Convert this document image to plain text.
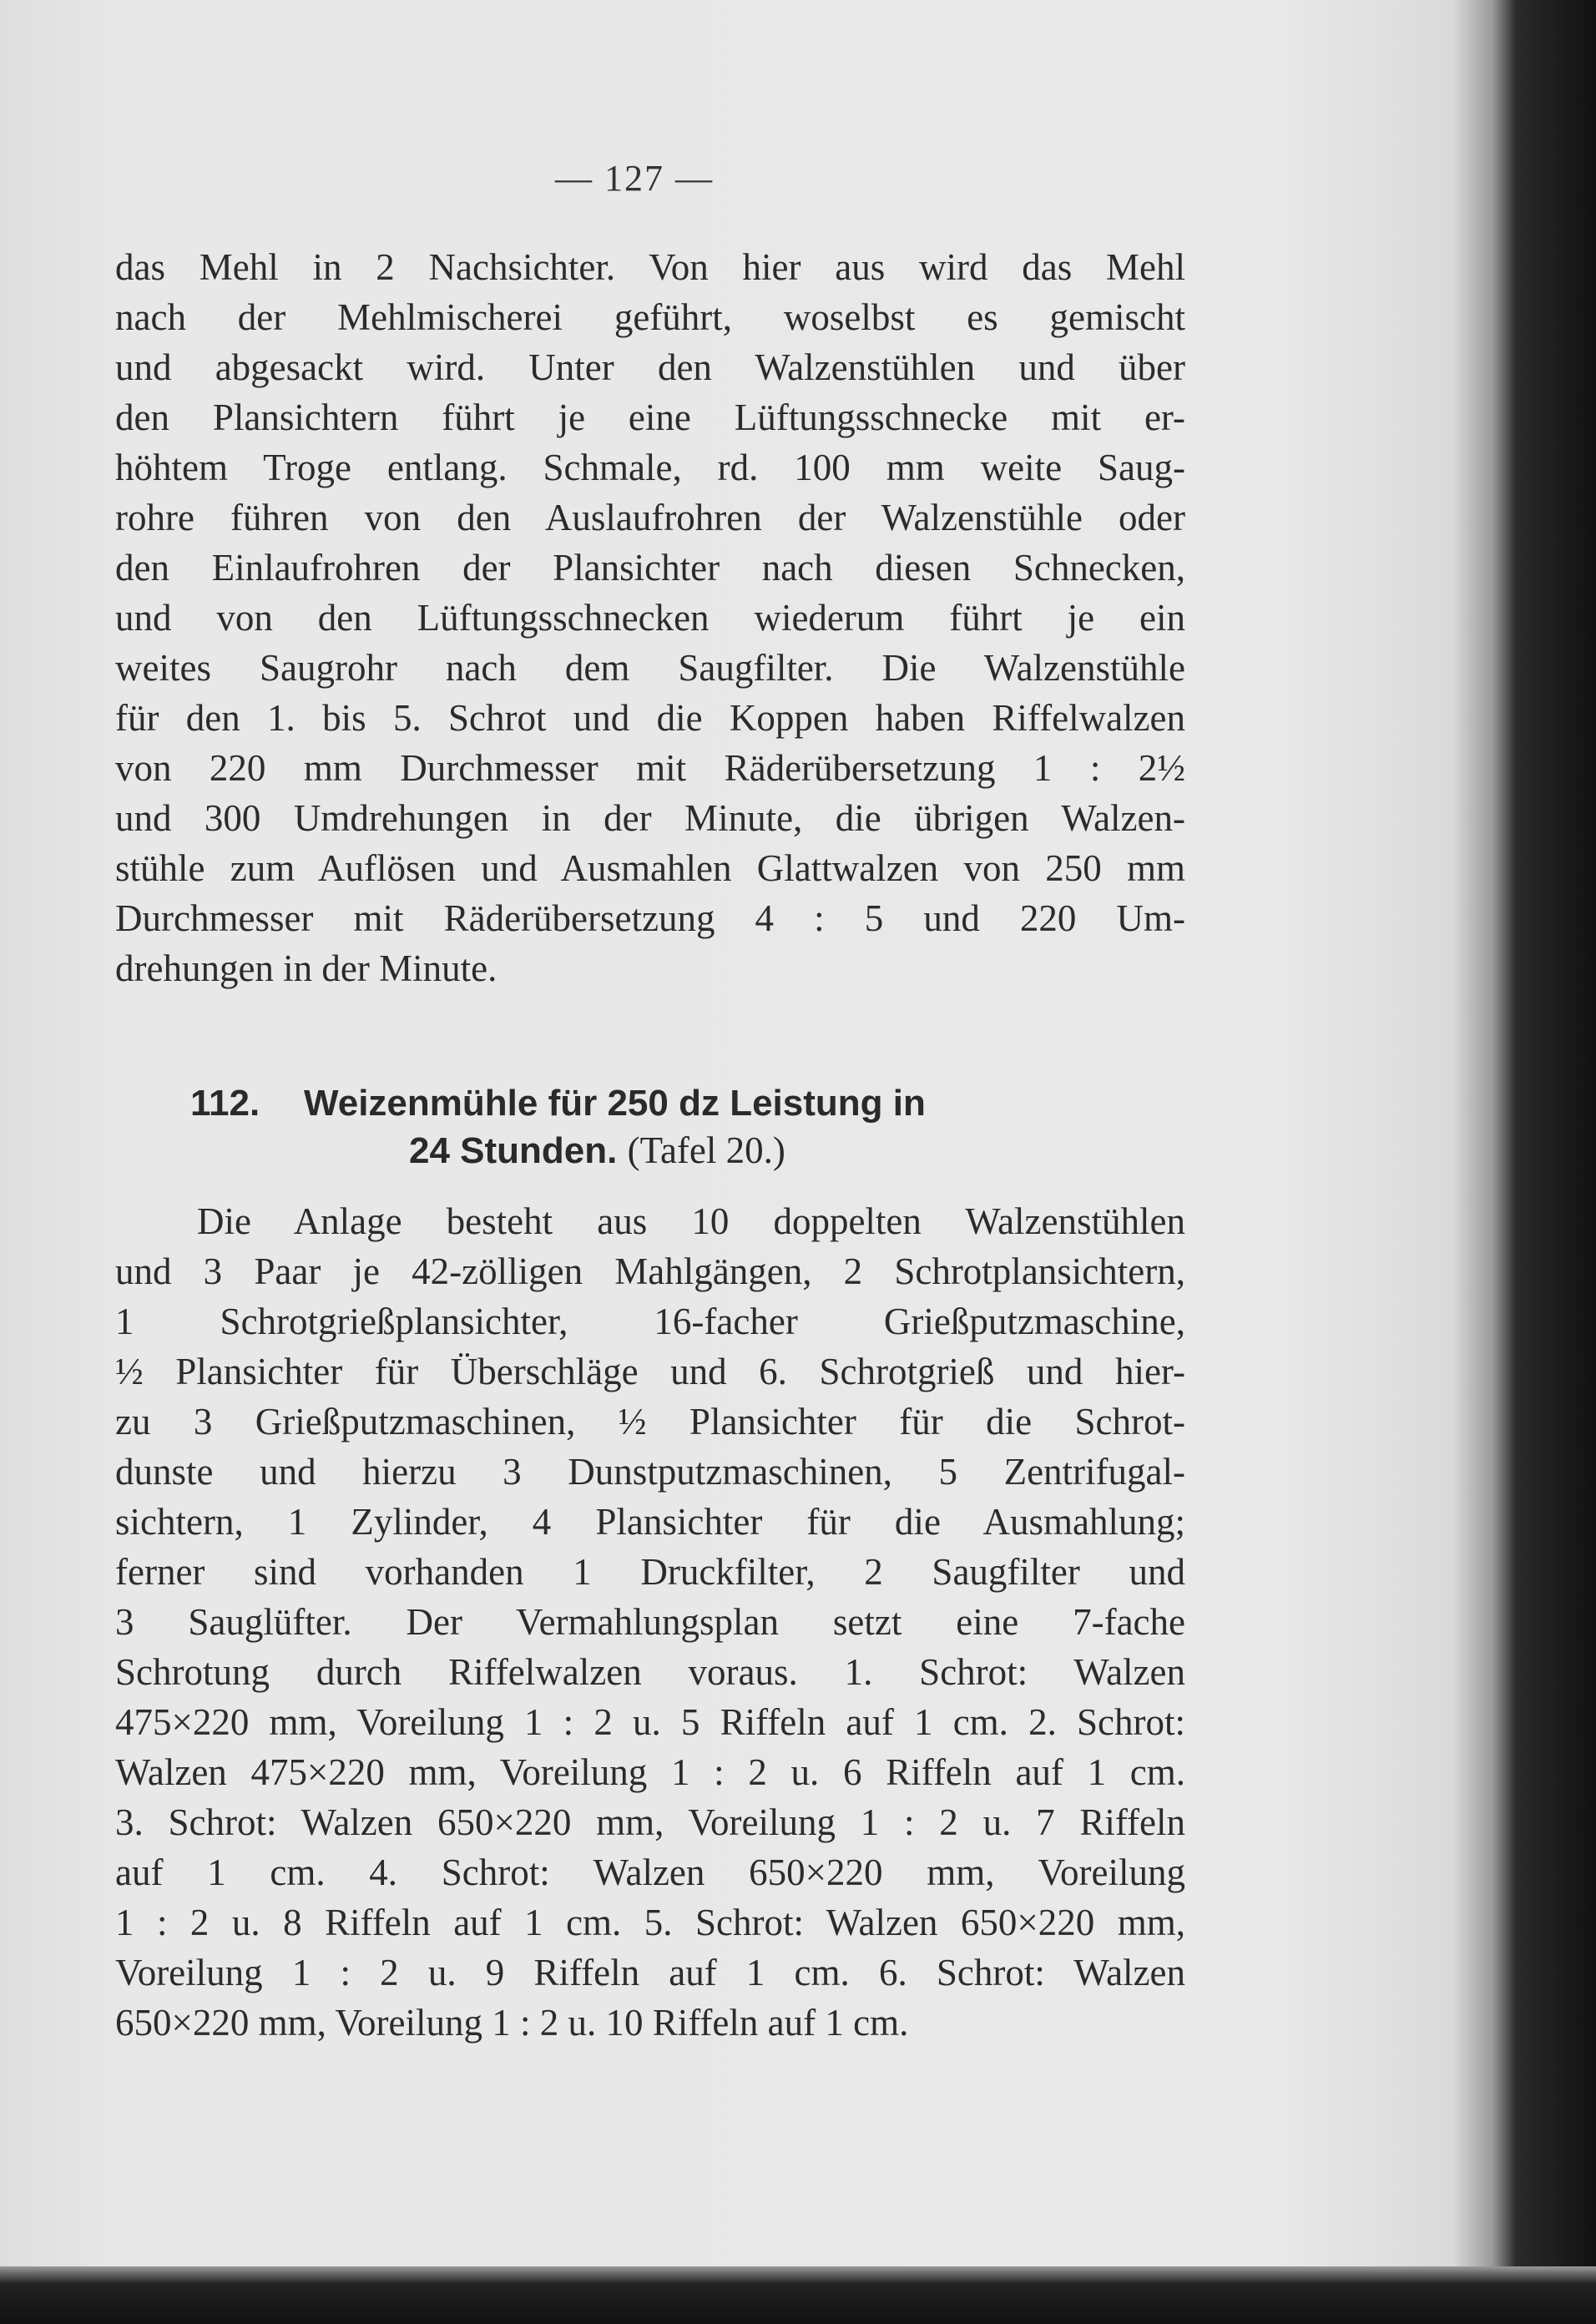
— 127 —
das Mehl in 2 Nachsichter. Von hier aus wird das Mehl
nach der Mehlmischerei geführt, woselbst es gemischt
und abgesackt wird. Unter den Walzenstühlen und über
den Plansichtern führt je eine Lüftungsschnecke mit er-
höhtem Troge entlang. Schmale, rd. 100 mm weite Saug-
rohre führen von den Auslaufrohren der Walzenstühle oder
den Einlaufrohren der Plansichter nach diesen Schnecken,
und von den Lüftungsschnecken wiederum führt je ein
weites Saugrohr nach dem Saugfilter. Die Walzenstühle
für den 1. bis 5. Schrot und die Koppen haben Riffelwalzen
von 220 mm Durchmesser mit Räderübersetzung 1 : 2½
und 300 Umdrehungen in der Minute, die übrigen Walzen-
stühle zum Auflösen und Ausmahlen Glattwalzen von 250 mm
Durchmesser mit Räderübersetzung 4 : 5 und 220 Um-
drehungen in der Minute.
112. Weizenmühle für 250 dz Leistung in
24 Stunden. (Tafel 20.)
Die Anlage besteht aus 10 doppelten Walzenstühlen
und 3 Paar je 42-zölligen Mahlgängen, 2 Schrotplansichtern,
1 Schrotgrießplansichter, 16-facher Grießputzmaschine,
½ Plansichter für Überschläge und 6. Schrotgrieß und hier-
zu 3 Grießputzmaschinen, ½ Plansichter für die Schrot-
dunste und hierzu 3 Dunstputzmaschinen, 5 Zentrifugal-
sichtern, 1 Zylinder, 4 Plansichter für die Ausmahlung;
ferner sind vorhanden 1 Druckfilter, 2 Saugfilter und
3 Sauglüfter. Der Vermahlungsplan setzt eine 7-fache
Schrotung durch Riffelwalzen voraus. 1. Schrot: Walzen
475×220 mm, Voreilung 1 : 2 u. 5 Riffeln auf 1 cm. 2. Schrot:
Walzen 475×220 mm, Voreilung 1 : 2 u. 6 Riffeln auf 1 cm.
3. Schrot: Walzen 650×220 mm, Voreilung 1 : 2 u. 7 Riffeln
auf 1 cm. 4. Schrot: Walzen 650×220 mm, Voreilung
1 : 2 u. 8 Riffeln auf 1 cm. 5. Schrot: Walzen 650×220 mm,
Voreilung 1 : 2 u. 9 Riffeln auf 1 cm. 6. Schrot: Walzen
650×220 mm, Voreilung 1 : 2 u. 10 Riffeln auf 1 cm.
